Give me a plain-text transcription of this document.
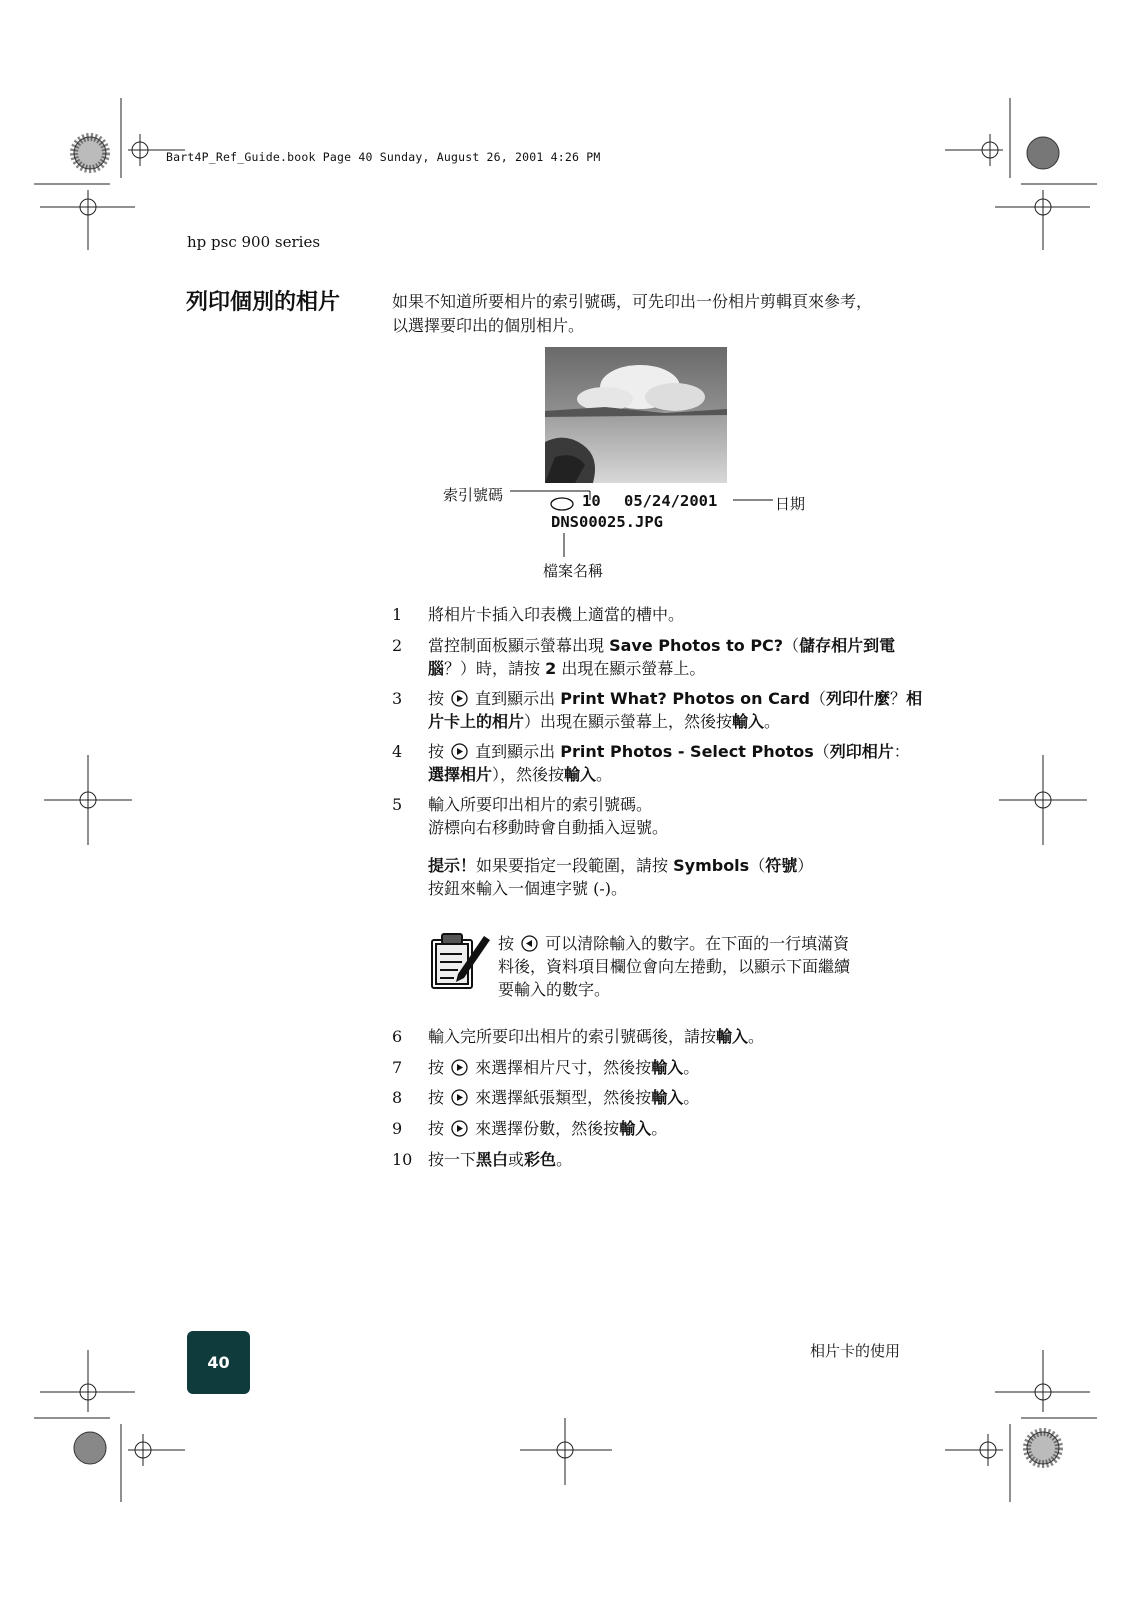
Bart4P_Ref_Guide.book Page 40 Sunday, August 26, 2001 4:26 PM
hp psc 900 series
列印個別的相片	如果不知道所要相片的索引號碼，可先印出一份相片剪輯頁來參考，
以選擇要印出的個別相片。
索引號碼	10 05/24/2001	日期
DNS00025.JPG
檔案名稱
1	將相片卡插入印表機上適當的槽中。
2	當控制面板顯示螢幕出現 Save Photos to PC?（儲存相片到電
腦？）時，請按 2 出現在顯示螢幕上。
3	按  直到顯示出 Print What? Photos on Card（列印什麼？相
片卡上的相片）出現在顯示螢幕上，然後按輸入。
4	按  直到顯示出 Print Photos - Select Photos（列印相片：
選擇相片），然後按輸入。
5	輸入所要印出相片的索引號碼。
游標向右移動時會自動插入逗號。
提示！如果要指定一段範圍，請按 Symbols（符號）
按鈕來輸入一個連字號 (-)。
按  可以清除輸入的數字。在下面的一行填滿資
料後，資料項目欄位會向左捲動，以顯示下面繼續
要輸入的數字。
6	輸入完所要印出相片的索引號碼後，請按輸入。
7	按  來選擇相片尺寸，然後按輸入。
8	按  來選擇紙張類型，然後按輸入。
9	按  來選擇份數，然後按輸入。
10 按一下黑白或彩色。
40
相片卡的使用
